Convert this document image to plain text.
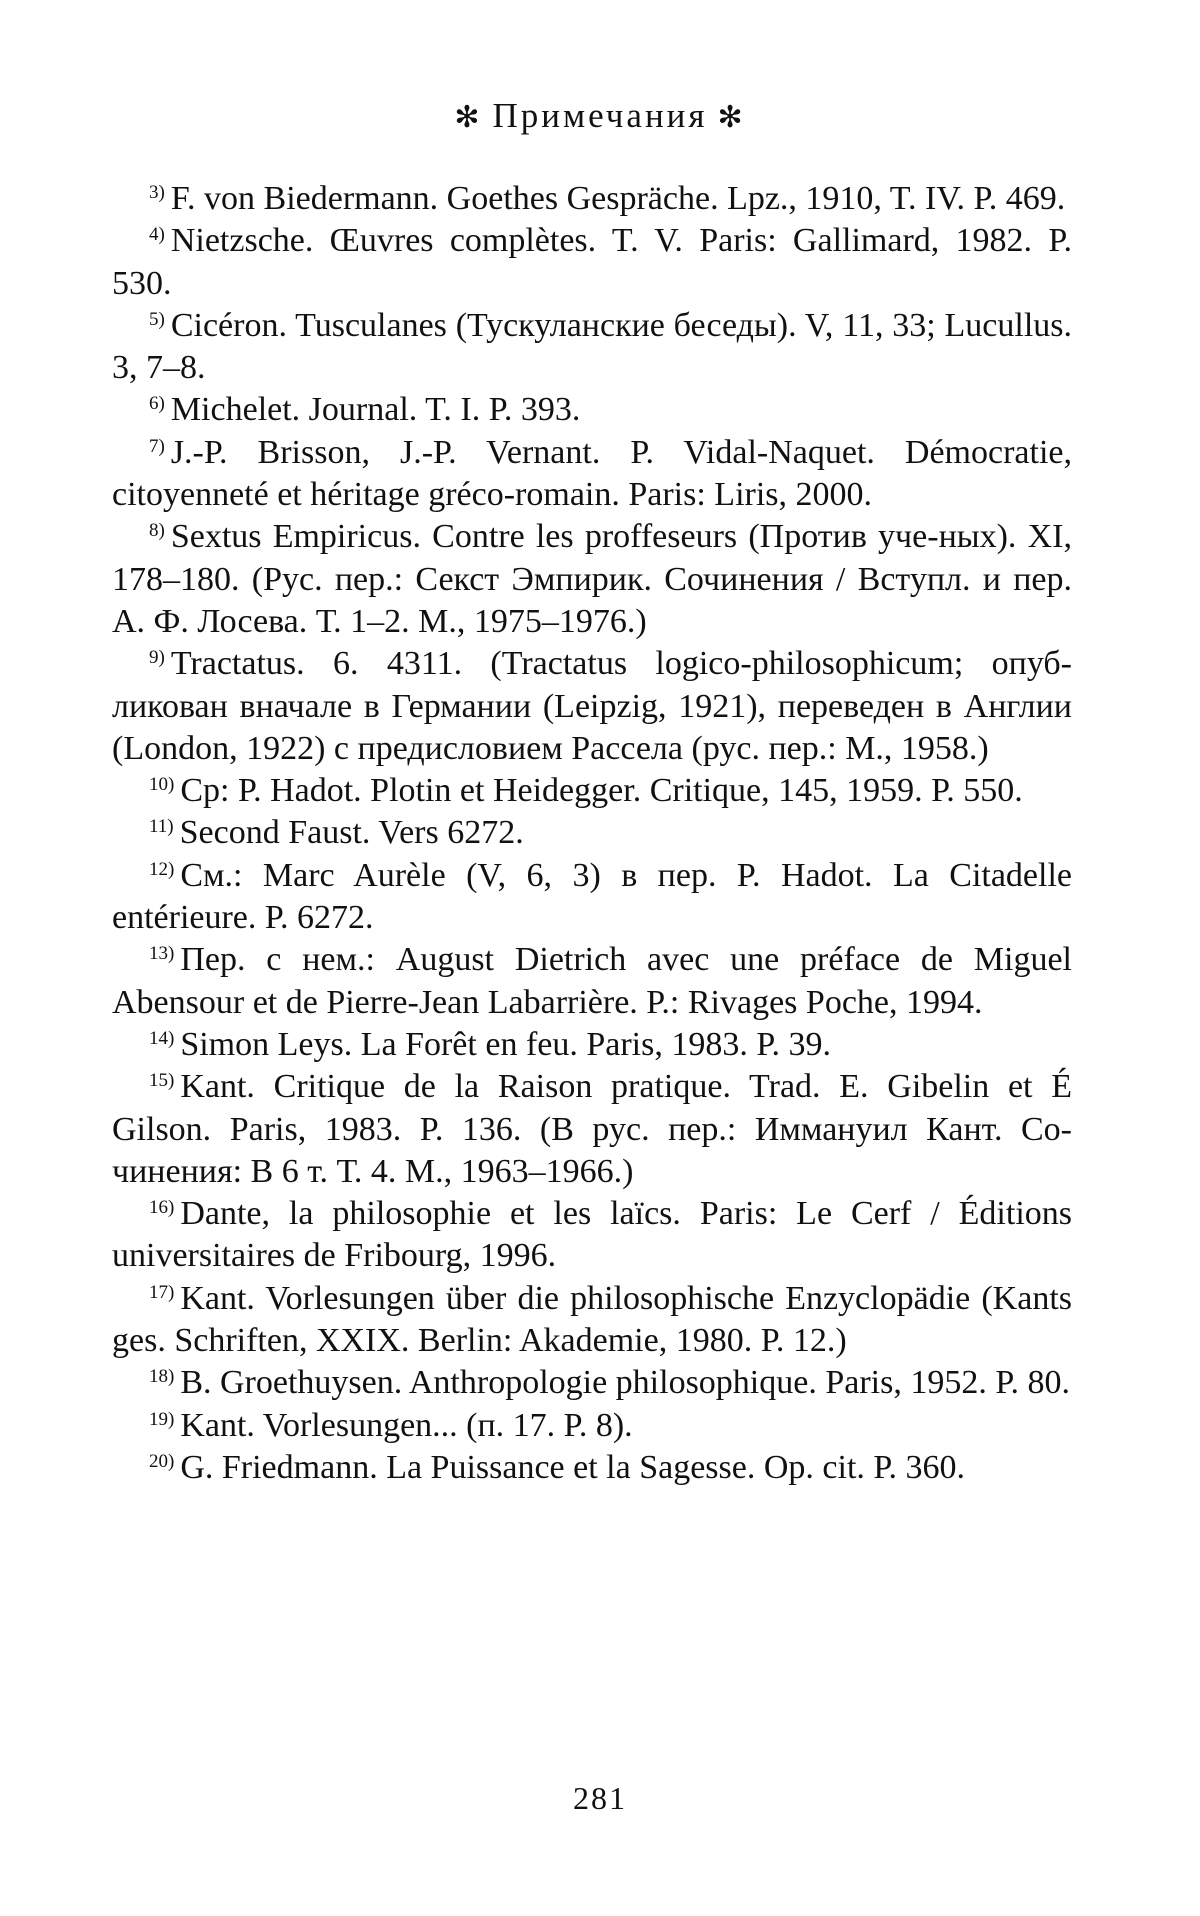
✻ Примечания ✻

$^{3)}$ F. von Biedermann. Goethes Gespräche. Lpz., 1910, T. IV. P. 469.

$^{4)}$ Nietzsche. Œuvres complètes. T. V. Paris: Gallimard, 1982. P. 530.

$^{5)}$ Cicéron. Tusculanes (Тускуланские беседы). V, 11, 33; Lucullus. 3, 7–8.

$^{6)}$ Michelet. Journal. T. I. P. 393.

$^{7)}$ J.-P. Brisson, J.-P. Vernant. P. Vidal-Naquet. Démocratie, citoyenneté et héritage gréco-romain. Paris: Liris, 2000.

$^{8)}$ Sextus Empiricus. Contre les proffeseurs (Против уче-ных). XI, 178–180. (Рус. пер.: Секст Эмпирик. Сочинения / Вступл. и пер. А. Ф. Лосева. Т. 1–2. М., 1975–1976.)

$^{9)}$ Tractatus. 6. 4311. (Tractatus logico-philosophicum; опуб-ликован вначале в Германии (Leipzig, 1921), переведен в Англии (London, 1922) с предисловием Рассела (рус. пер.: М., 1958.)

$^{10)}$ Ср: P. Hadot. Plotin et Heidegger. Critique, 145, 1959. P. 550.

$^{11)}$ Second Faust. Vers 6272.

$^{12)}$ См.: Marc Aurèle (V, 6, 3) в пер. P. Hadot. La Citadelle entérieure. P. 6272.

$^{13)}$ Пер. с нем.: August Dietrich avec une préface de Miguel Abensour et de Pierre-Jean Labarrière. P.: Rivages Poche, 1994.

$^{14)}$ Simon Leys. La Forêt en feu. Paris, 1983. P. 39.

$^{15)}$ Kant. Critique de la Raison pratique. Trad. E. Gibelin et É Gilson. Paris, 1983. P. 136. (В рус. пер.: Иммануил Кант. Со-чинения: В 6 т. Т. 4. М., 1963–1966.)

$^{16)}$ Dante, la philosophie et les laïcs. Paris: Le Cerf / Éditions universitaires de Fribourg, 1996.

$^{17)}$ Kant. Vorlesungen über die philosophische Enzyclopädie (Kants ges. Schriften, XXIX. Berlin: Akademie, 1980. P. 12.)

$^{18)}$ B. Groethuysen. Anthropologie philosophique. Paris, 1952. P. 80.

$^{19)}$ Kant. Vorlesungen... (п. 17. P. 8).

$^{20)}$ G. Friedmann. La Puissance et la Sagesse. Op. cit. P. 360.

281
